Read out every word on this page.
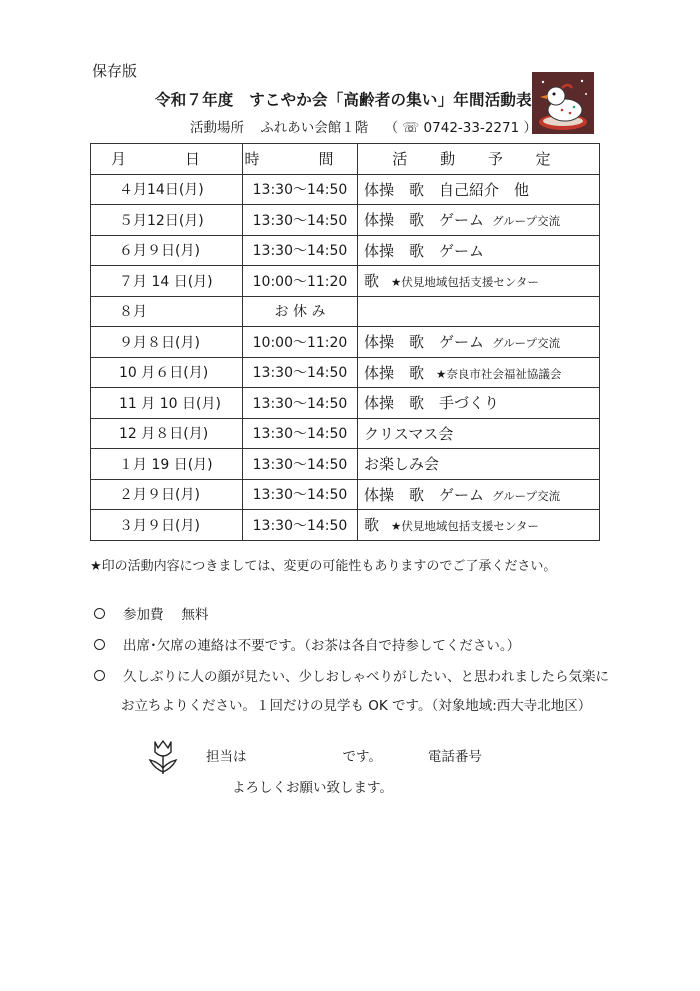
保存版
令和７年度　すこやか会「高齢者の集い」年間活動表
活動場所 ふれあい会館１階 （ ☏ 0742-33-2271 ）
月　日	時　間	活 動 予 定
４月14日(月)	13:30〜14:50	体操　歌　自己紹介　他
５月12日(月)	13:30〜14:50	体操　歌　ゲーム グループ交流
６月９日(月)	13:30〜14:50	体操　歌　ゲーム
７月 14 日(月)	10:00〜11:20	歌 ★伏見地域包括支援センター
８月	お 休 み	
９月８日(月)	10:00〜11:20	体操　歌　ゲーム グループ交流
10 月６日(月)	13:30〜14:50	体操　歌 ★奈良市社会福祉協議会
11 月 10 日(月)	13:30〜14:50	体操　歌　手づくり
12 月８日(月)	13:30〜14:50	クリスマス会
１月 19 日(月)	13:30〜14:50	お楽しみ会
２月９日(月)	13:30〜14:50	体操　歌　ゲーム グループ交流
３月９日(月)	13:30〜14:50	歌 ★伏見地域包括支援センター
★印の活動内容につきましては、変更の可能性もありますのでご了承ください。
参加費 無料
出席･欠席の連絡は不要です。（お茶は各自で持参してください。）
久しぶりに人の顔が見たい、少しおしゃべりがしたい、と思われましたら気楽に
お立ちよりください。１回だけの見学も OK です。（対象地域:西大寺北地区）
担当は	です。	電話番号
よろしくお願い致します。
